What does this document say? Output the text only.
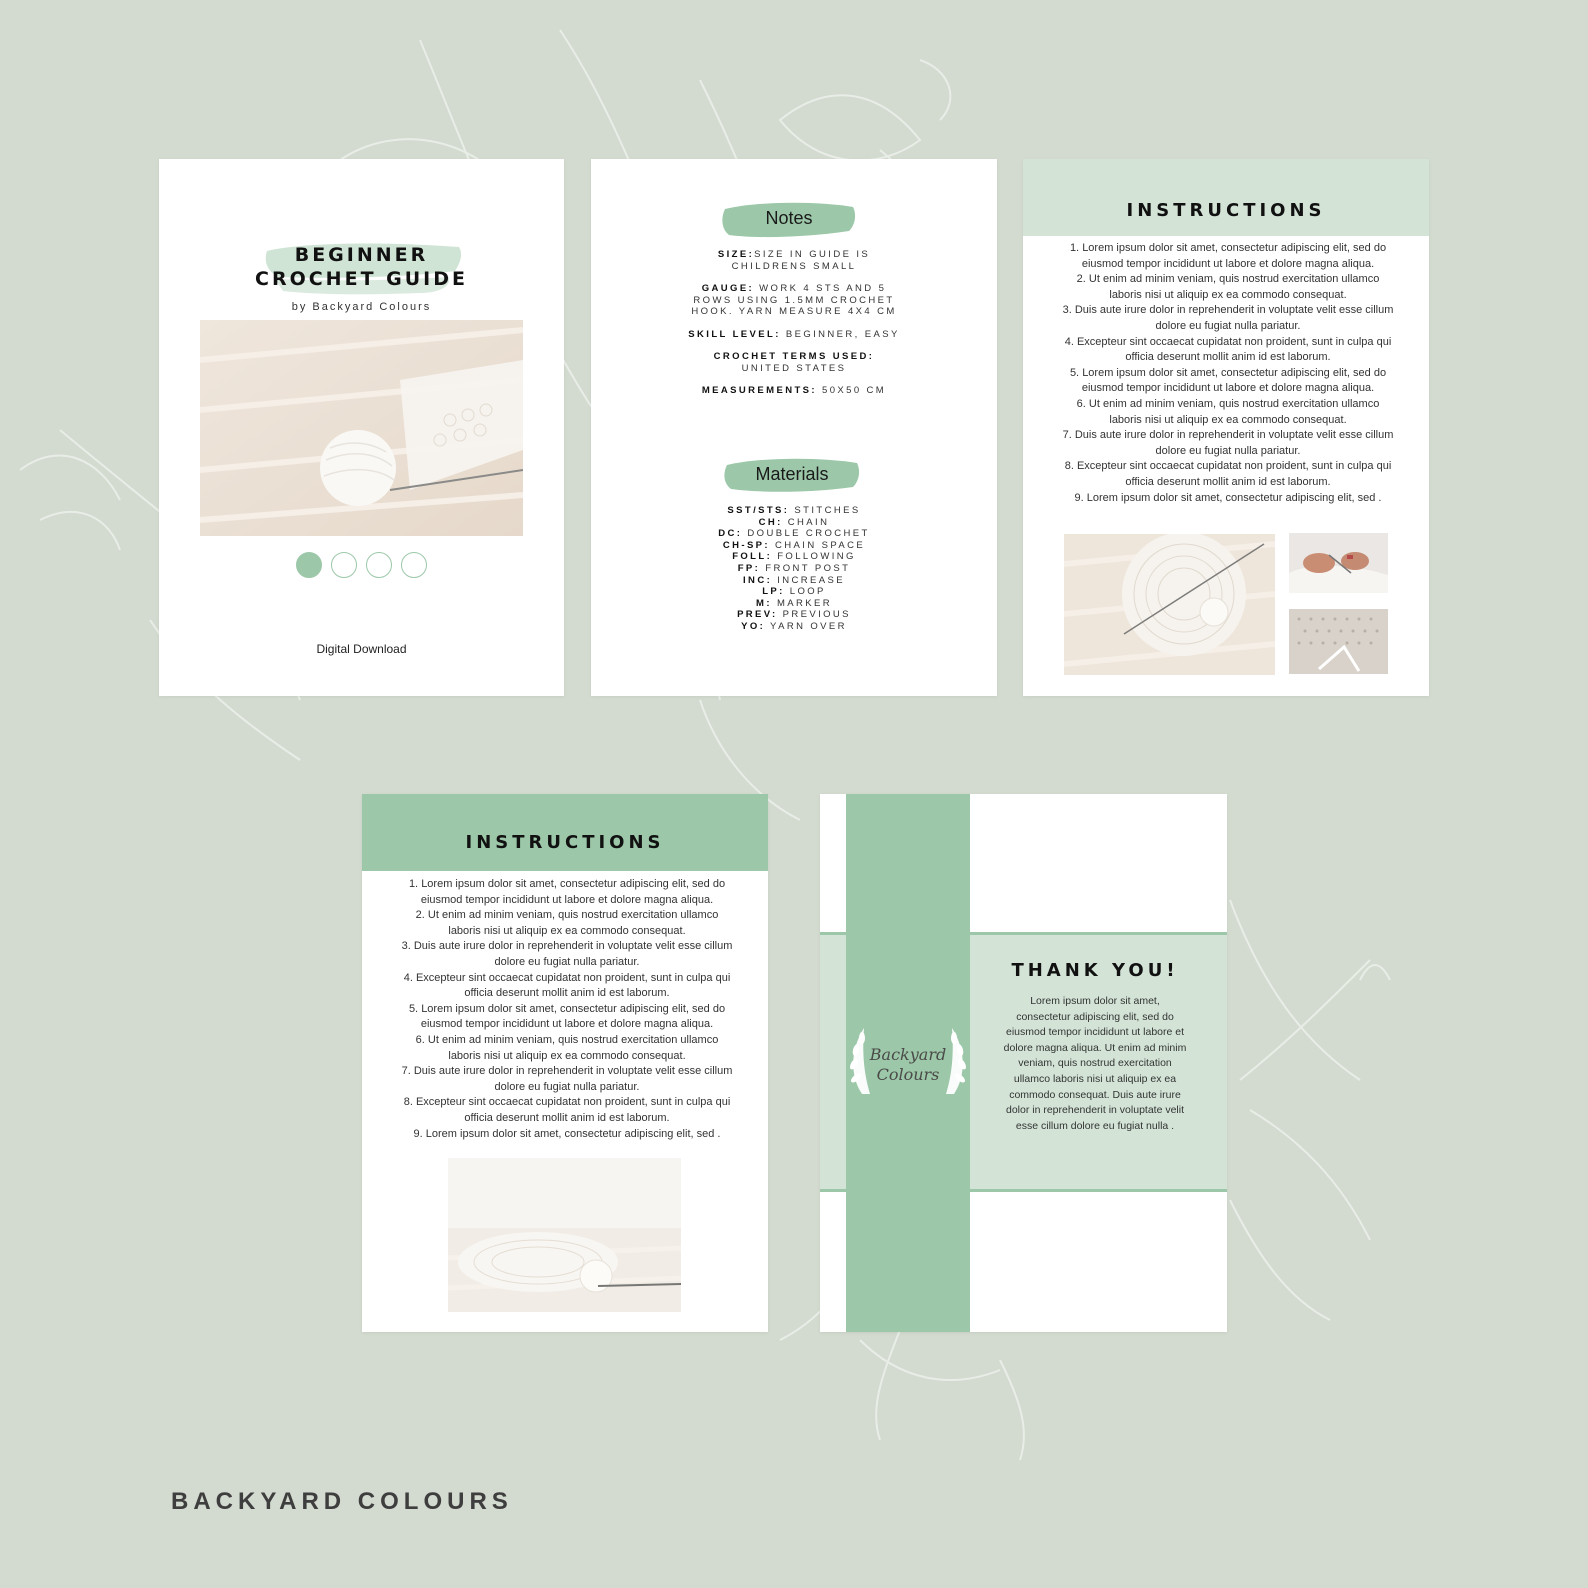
BEGINNER
CROCHET GUIDE
by Backyard Colours
Digital Download
Notes
SIZE:SIZE IN GUIDE IS
CHILDRENS SMALL
GAUGE: WORK 4 STS AND 5
ROWS USING 1.5MM CROCHET
HOOK. YARN MEASURE 4X4 CM
SKILL LEVEL: BEGINNER, EASY
CROCHET TERMS USED:
UNITED STATES
MEASUREMENTS: 50X50 CM
Materials
SST/STS: STITCHES
CH: CHAIN
DC: DOUBLE CROCHET
CH-SP: CHAIN SPACE
FOLL: FOLLOWING
FP: FRONT POST
INC: INCREASE
LP: LOOP
M: MARKER
PREV: PREVIOUS
YO: YARN OVER
INSTRUCTIONS
1. Lorem ipsum dolor sit amet, consectetur adipiscing elit, sed do
eiusmod tempor incididunt ut labore et dolore magna aliqua.
2. Ut enim ad minim veniam, quis nostrud exercitation ullamco
laboris nisi ut aliquip ex ea commodo consequat.
3. Duis aute irure dolor in reprehenderit in voluptate velit esse cillum
dolore eu fugiat nulla pariatur.
4. Excepteur sint occaecat cupidatat non proident, sunt in culpa qui
officia deserunt mollit anim id est laborum.
5. Lorem ipsum dolor sit amet, consectetur adipiscing elit, sed do
eiusmod tempor incididunt ut labore et dolore magna aliqua.
6. Ut enim ad minim veniam, quis nostrud exercitation ullamco
laboris nisi ut aliquip ex ea commodo consequat.
7. Duis aute irure dolor in reprehenderit in voluptate velit esse cillum
dolore eu fugiat nulla pariatur.
8. Excepteur sint occaecat cupidatat non proident, sunt in culpa qui
officia deserunt mollit anim id est laborum.
9. Lorem ipsum dolor sit amet, consectetur adipiscing elit, sed .
INSTRUCTIONS
1. Lorem ipsum dolor sit amet, consectetur adipiscing elit, sed do
eiusmod tempor incididunt ut labore et dolore magna aliqua.
2. Ut enim ad minim veniam, quis nostrud exercitation ullamco
laboris nisi ut aliquip ex ea commodo consequat.
3. Duis aute irure dolor in reprehenderit in voluptate velit esse cillum
dolore eu fugiat nulla pariatur.
4. Excepteur sint occaecat cupidatat non proident, sunt in culpa qui
officia deserunt mollit anim id est laborum.
5. Lorem ipsum dolor sit amet, consectetur adipiscing elit, sed do
eiusmod tempor incididunt ut labore et dolore magna aliqua.
6. Ut enim ad minim veniam, quis nostrud exercitation ullamco
laboris nisi ut aliquip ex ea commodo consequat.
7. Duis aute irure dolor in reprehenderit in voluptate velit esse cillum
dolore eu fugiat nulla pariatur.
8. Excepteur sint occaecat cupidatat non proident, sunt in culpa qui
officia deserunt mollit anim id est laborum.
9. Lorem ipsum dolor sit amet, consectetur adipiscing elit, sed .
Backyard
Colours
THANK YOU!
Lorem ipsum dolor sit amet,
consectetur adipiscing elit, sed do
eiusmod tempor incididunt ut labore et
dolore magna aliqua. Ut enim ad minim
veniam, quis nostrud exercitation
ullamco laboris nisi ut aliquip ex ea
commodo consequat. Duis aute irure
dolor in reprehenderit in voluptate velit
esse cillum dolore eu fugiat nulla .
BACKYARD COLOURS
